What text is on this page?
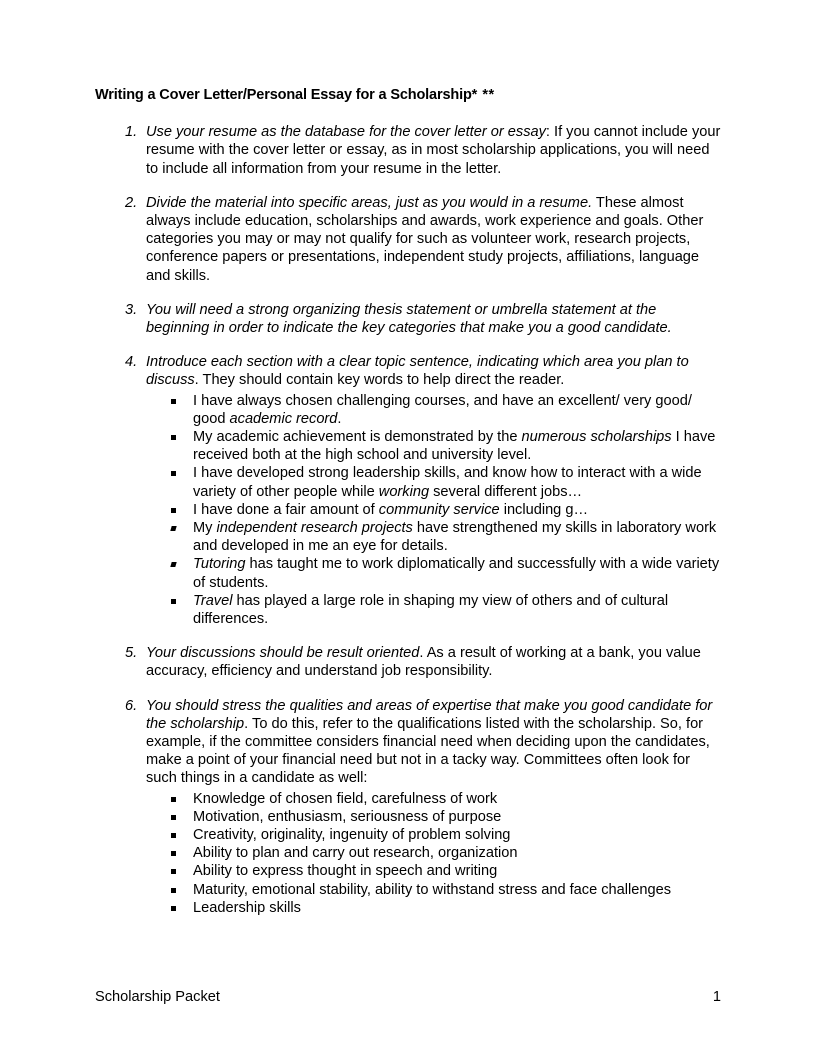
Writing a Cover Letter/Personal Essay for a Scholarship* **
1. Use your resume as the database for the cover letter or essay: If you cannot include your resume with the cover letter or essay, as in most scholarship applications, you will need to include all information from your resume in the letter.

2. Divide the material into specific areas, just as you would in a resume. These almost always include education, scholarships and awards, work experience and goals. Other categories you may or may not qualify for such as volunteer work, research projects, conference papers or presentations, independent study projects, affiliations, language and skills.

3. You will need a strong organizing thesis statement or umbrella statement at the beginning in order to indicate the key categories that make you a good candidate.

4. Introduce each section with a clear topic sentence, indicating which area you plan to discuss. They should contain key words to help direct the reader.

I have always chosen challenging courses, and have an excellent/ very good/ good academic record.
My academic achievement is demonstrated by the numerous scholarships I have received both at the high school and university level.
I have developed strong leadership skills, and know how to interact with a wide variety of other people while working several different jobs…
I have done a fair amount of community service including g…
My independent research projects have strengthened my skills in laboratory work and developed in me an eye for details.
Tutoring has taught me to work diplomatically and successfully with a wide variety of students.
Travel has played a large role in shaping my view of others and of cultural differences.
5. Your discussions should be result oriented. As a result of working at a bank, you value accuracy, efficiency and understand job responsibility.

6. You should stress the qualities and areas of expertise that make you good candidate for the scholarship. To do this, refer to the qualifications listed with the scholarship. So, for example, if the committee considers financial need when deciding upon the candidates, make a point of your financial need but not in a tacky way. Committees often look for such things in a candidate as well:

Knowledge of chosen field, carefulness of work
Motivation, enthusiasm, seriousness of purpose
Creativity, originality, ingenuity of problem solving
Ability to plan and carry out research, organization
Ability to express thought in speech and writing
Maturity, emotional stability, ability to withstand stress and face challenges
Leadership skills
Scholarship Packet	1
